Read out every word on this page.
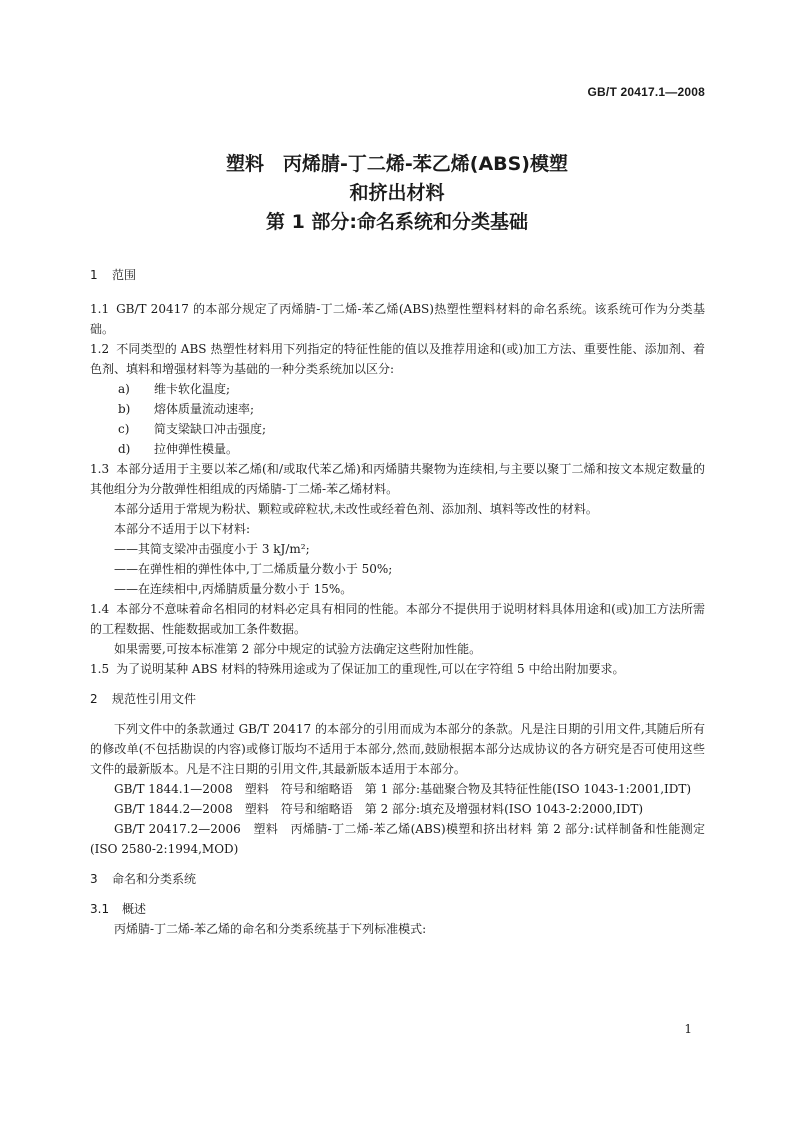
GB/T 20417.1—2008
塑料　丙烯腈-丁二烯-苯乙烯(ABS)模塑
和挤出材料
第 1 部分:命名系统和分类基础

1 范围

1.1 GB/T 20417 的本部分规定了丙烯腈-丁二烯-苯乙烯(ABS)热塑性塑料材料的命名系统。该系统可作为分类基础。

1.2 不同类型的 ABS 热塑性材料用下列指定的特征性能的值以及推荐用途和(或)加工方法、重要性能、添加剂、着色剂、填料和增强材料等为基础的一种分类系统加以区分:

a) 维卡软化温度;

b) 熔体质量流动速率;

c) 简支梁缺口冲击强度;

d) 拉伸弹性模量。

1.3 本部分适用于主要以苯乙烯(和/或取代苯乙烯)和丙烯腈共聚物为连续相,与主要以聚丁二烯和按文本规定数量的其他组分为分散弹性相组成的丙烯腈-丁二烯-苯乙烯材料。

本部分适用于常规为粉状、颗粒或碎粒状,未改性或经着色剂、添加剂、填料等改性的材料。

本部分不适用于以下材料:

——其简支梁冲击强度小于 3 kJ/m²;

——在弹性相的弹性体中,丁二烯质量分数小于 50%;

——在连续相中,丙烯腈质量分数小于 15%。

1.4 本部分不意味着命名相同的材料必定具有相同的性能。本部分不提供用于说明材料具体用途和(或)加工方法所需的工程数据、性能数据或加工条件数据。

如果需要,可按本标准第 2 部分中规定的试验方法确定这些附加性能。

1.5 为了说明某种 ABS 材料的特殊用途或为了保证加工的重现性,可以在字符组 5 中给出附加要求。

2 规范性引用文件

下列文件中的条款通过 GB/T 20417 的本部分的引用而成为本部分的条款。凡是注日期的引用文件,其随后所有的修改单(不包括勘误的内容)或修订版均不适用于本部分,然而,鼓励根据本部分达成协议的各方研究是否可使用这些文件的最新版本。凡是不注日期的引用文件,其最新版本适用于本部分。

GB/T 1844.1—2008　塑料　符号和缩略语　第 1 部分:基础聚合物及其特征性能(ISO 1043-1:2001,IDT)

GB/T 1844.2—2008　塑料　符号和缩略语　第 2 部分:填充及增强材料(ISO 1043-2:2000,IDT)

GB/T 20417.2—2006　塑料　丙烯腈-丁二烯-苯乙烯(ABS)模塑和挤出材料 第 2 部分:试样制备和性能测定(ISO 2580-2:1994,MOD)

3 命名和分类系统

3.1 概述

丙烯腈-丁二烯-苯乙烯的命名和分类系统基于下列标准模式:

1
